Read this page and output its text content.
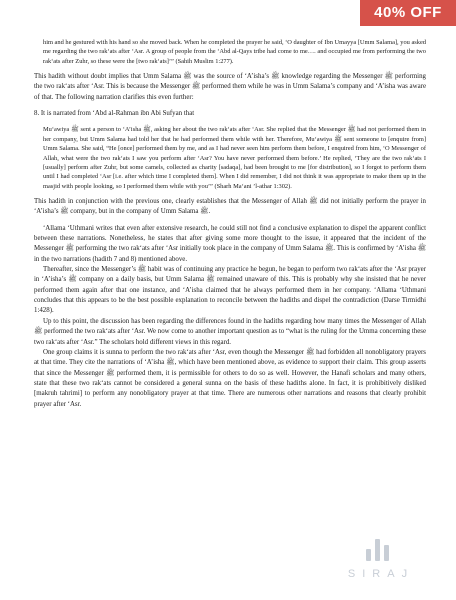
40% OFF

him and he gestured with his hand so she moved back. When he completed the prayer he said, ‘O daughter of Ibn Umayya [Umm Salama], you asked me regarding the two rak‘ats after ‘Asr. A group of people from the ‘Abd al-Qays tribe had come to me…. and occupied me from performing the two rak‘ats after Zuhr, so these were the [two rak‘ats]’” (Sahih Muslim 1:277).

This hadith without doubt implies that Umm Salama ﷺ was the source of ‘A’isha’s ﷺ knowledge regarding the Messenger ﷺ performing the two rak‘ats after ‘Asr. This is because the Messenger ﷺ performed them while he was in Umm Salama’s company and ‘A’isha was aware of that. The following narration clarifies this even further:

8. It is narrated from ‘Abd al-Rahman ibn Abi Sufyan that

Mu‘awiya ﷺ sent a person to ‘A’isha ﷺ, asking her about the two rak‘ats after ‘Asr. She replied that the Messenger ﷺ had not performed them in her company, but Umm Salama had told her that he had performed them while with her. Therefore, Mu‘awiya ﷺ sent someone to [enquire from] Umm Salama. She said, “He [once] performed them by me, and as I had never seen him perform them before, I enquired from him, ‘O Messenger of Allah, what were the two rak‘ats I saw you perform after ‘Asr? You have never performed them before.’ He replied, ‘They are the two rak‘ats I [usually] perform after Zuhr, but some camels, collected as charity [sadaqa], had been brought to me [for distribution], so I forgot to perform them until I had completed ‘Asr [i.e. after which time I completed them]. When I did remember, I did not think it was appropriate to make them up in the masjid with people looking, so I performed them while with you’” (Sharh Ma‘ani ’l-athar 1:302).

This hadith in conjunction with the previous one, clearly establishes that the Messenger of Allah ﷺ did not initially perform the prayer in ‘A’isha’s ﷺ company, but in the company of Umm Salama ﷺ.

‘Allama ‘Uthmani writes that even after extensive research, he could still not find a conclusive explanation to dispel the apparent conflict between these narrations. Nonetheless, he states that after giving some more thought to the issue, it appeared that the incident of the Messenger ﷺ performing the two rak‘ats after ‘Asr initially took place in the company of Umm Salama ﷺ. This is confirmed by ‘A’isha ﷺ in the two narrations (hadith 7 and 8) mentioned above.

Thereafter, since the Messenger’s ﷺ habit was of continuing any practice he begun, he began to perform two rak‘ats after the ‘Asr prayer in ‘A’isha’s ﷺ company on a daily basis, but Umm Salama ﷺ remained unaware of this. This is probably why she insisted that he never performed them again after that one instance, and ‘A’isha claimed that he always performed them in her company. ‘Allama ‘Uthmani concludes that this appears to be the best possible explanation to reconcile between the hadiths and dispel the contradiction (Darse Tirmidhi 1:428).

Up to this point, the discussion has been regarding the differences found in the hadiths regarding how many times the Messenger of Allah ﷺ performed the two rak‘ats after ‘Asr. We now come to another important question as to “what is the ruling for the Umma concerning these two rak‘ats after ‘Asr.” The scholars hold different views in this regard.

One group claims it is sunna to perform the two rak‘ats after ‘Asr, even though the Messenger ﷺ had forbidden all nonobligatory prayers at that time. They cite the narrations of ‘A’isha ﷺ, which have been mentioned above, as evidence to support their claim. This group asserts that since the Messenger ﷺ performed them, it is permissible for others to do so as well. However, the Hanafi scholars and many others, state that these two rak‘ats cannot be considered a general sunna on the basis of these hadiths alone. In fact, it is prohibitively disliked [makruh tahrimi] to perform any nonobligatory prayer at that time. There are numerous other narrations and reasons that clearly prohibit prayer after ‘Asr.

SIRAJ
